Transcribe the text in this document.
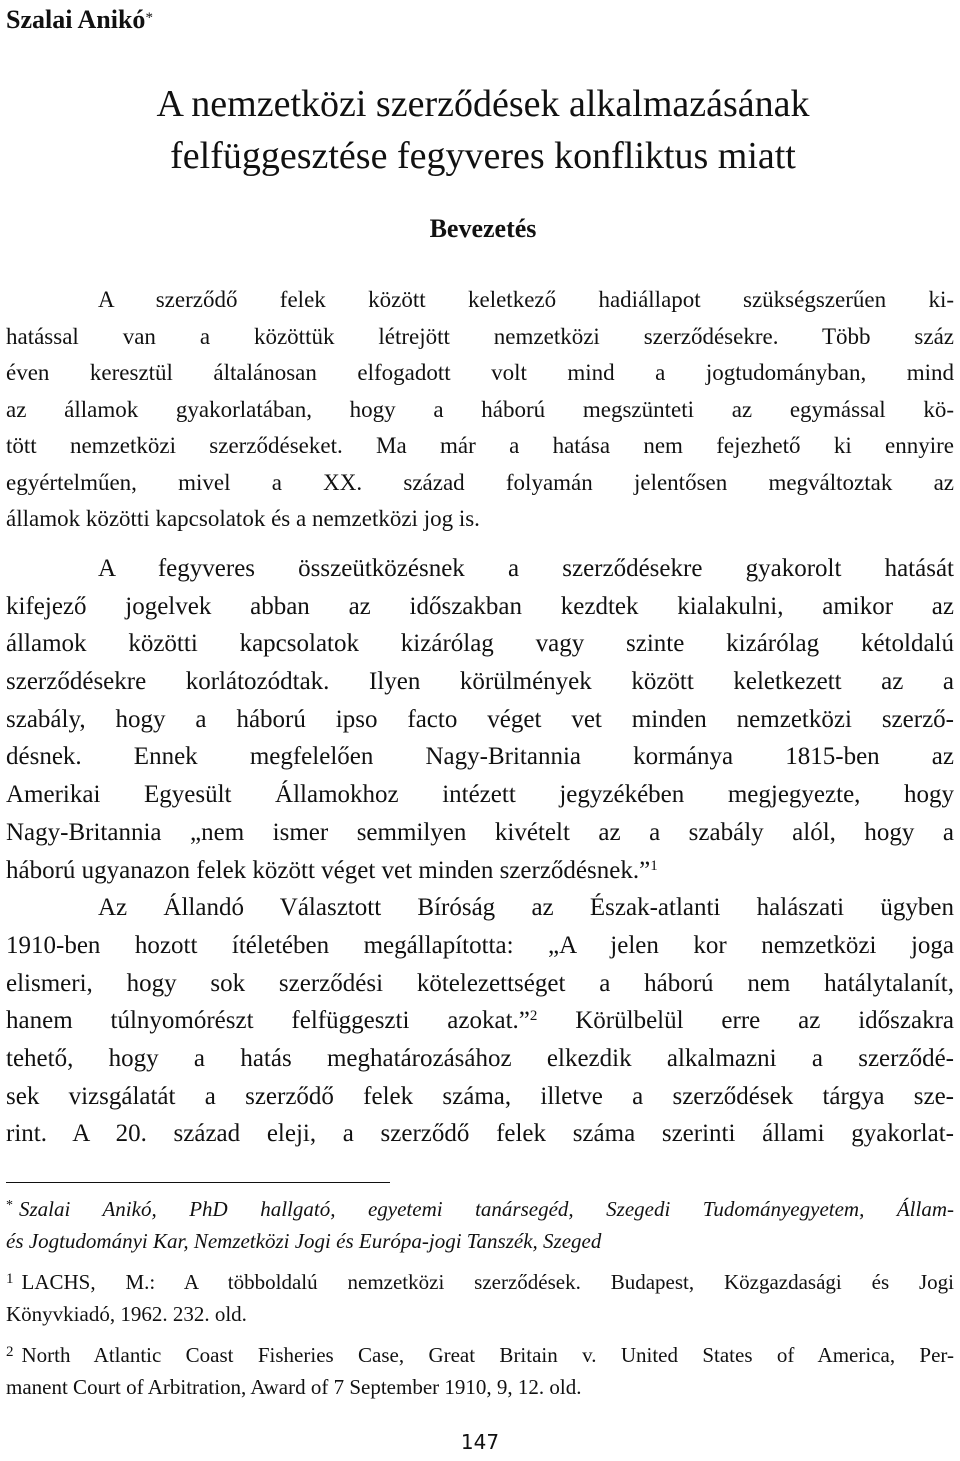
Szalai Anikó*
A nemzetközi szerződések alkalmazásának
felfüggesztése fegyveres konfliktus miatt
Bevezetés
A szerződő felek között keletkező hadiállapot szükségszerűen ki-
hatással van a közöttük létrejött nemzetközi szerződésekre. Több száz
éven keresztül általánosan elfogadott volt mind a jogtudományban, mind
az államok gyakorlatában, hogy a háború megszünteti az egymással kö-
tött nemzetközi szerződéseket. Ma már a hatása nem fejezhető ki ennyire
egyértelműen, mivel a XX. század folyamán jelentősen megváltoztak az
államok közötti kapcsolatok és a nemzetközi jog is.
A fegyveres összeütközésnek a szerződésekre gyakorolt hatását
kifejező jogelvek abban az időszakban kezdtek kialakulni, amikor az
államok közötti kapcsolatok kizárólag vagy szinte kizárólag kétoldalú
szerződésekre korlátozódtak. Ilyen körülmények között keletkezett az a
szabály, hogy a háború ipso facto véget vet minden nemzetközi szerző-
désnek. Ennek megfelelően Nagy-Britannia kormánya 1815-ben az
Amerikai Egyesült Államokhoz intézett jegyzékében megjegyezte, hogy
Nagy-Britannia „nem ismer semmilyen kivételt az a szabály alól, hogy a
háború ugyanazon felek között véget vet minden szerződésnek.”$^1$
Az Állandó Választott Bíróság az Észak-atlanti halászati ügyben
1910-ben hozott ítéletében megállapította: „A jelen kor nemzetközi joga
elismeri, hogy sok szerződési kötelezettséget a háború nem hatálytalanít,
hanem túlnyomórészt felfüggeszti azokat.”$^2$ Körülbelül erre az időszakra
tehető, hogy a hatás meghatározásához elkezdik alkalmazni a szerződé-
sek vizsgálatát a szerződő felek száma, illetve a szerződések tárgya sze-
rint. A 20. század eleji, a szerződő felek száma szerinti állami gyakorlat-
* Szalai Anikó, PhD hallgató, egyetemi tanársegéd, Szegedi Tudományegyetem, Állam-
és Jogtudományi Kar, Nemzetközi Jogi és Európa-jogi Tanszék, Szeged
$^1$ LACHS, M.: A többoldalú nemzetközi szerződések. Budapest, Közgazdasági és Jogi
Könyvkiadó, 1962. 232. old.
$^2$ North Atlantic Coast Fisheries Case, Great Britain v. United States of America, Per-
manent Court of Arbitration, Award of 7 September 1910, 9, 12. old.
147
